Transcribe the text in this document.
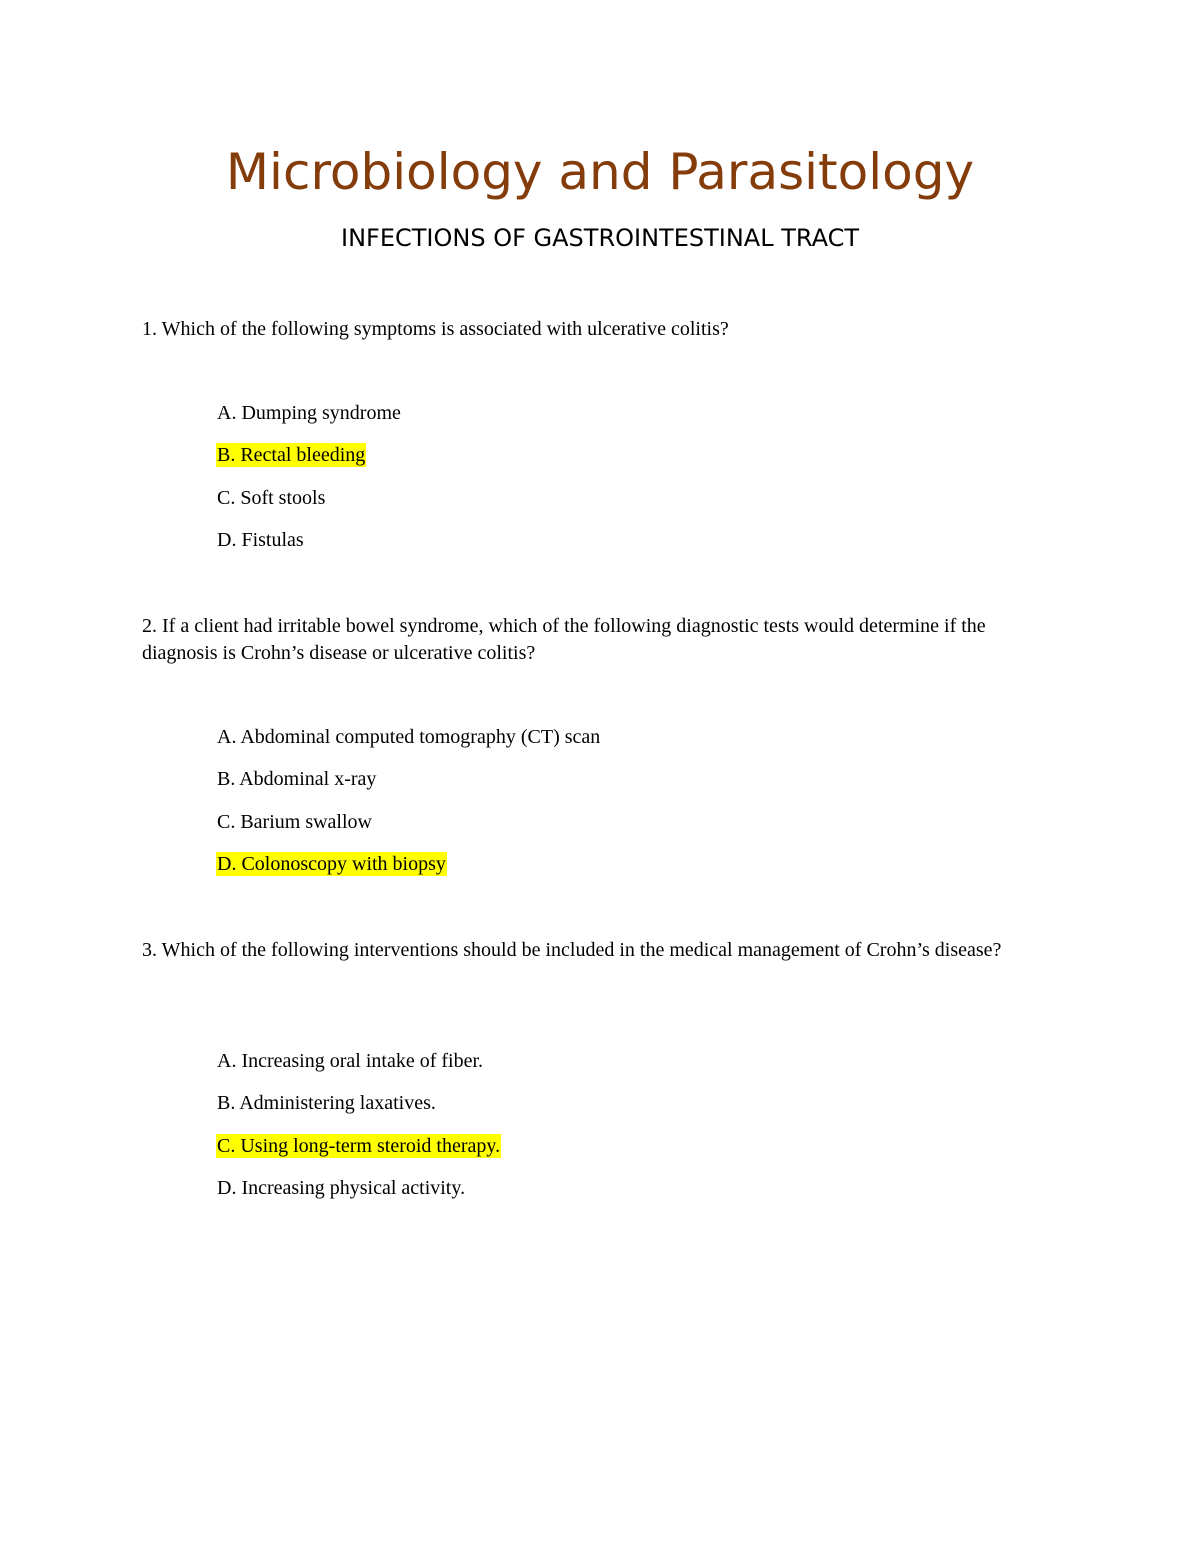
Microbiology and Parasitology
INFECTIONS OF GASTROINTESTINAL TRACT

1. Which of the following symptoms is associated with ulcerative colitis?

A. Dumping syndrome
B. Rectal bleeding
C. Soft stools
D. Fistulas

2. If a client had irritable bowel syndrome, which of the following diagnostic tests would determine if the diagnosis is Crohn’s disease or ulcerative colitis?

A. Abdominal computed tomography (CT) scan
B. Abdominal x-ray
C. Barium swallow
D. Colonoscopy with biopsy

3. Which of the following interventions should be included in the medical management of Crohn’s disease?

A. Increasing oral intake of fiber.
B. Administering laxatives.
C. Using long-term steroid therapy.
D. Increasing physical activity.
